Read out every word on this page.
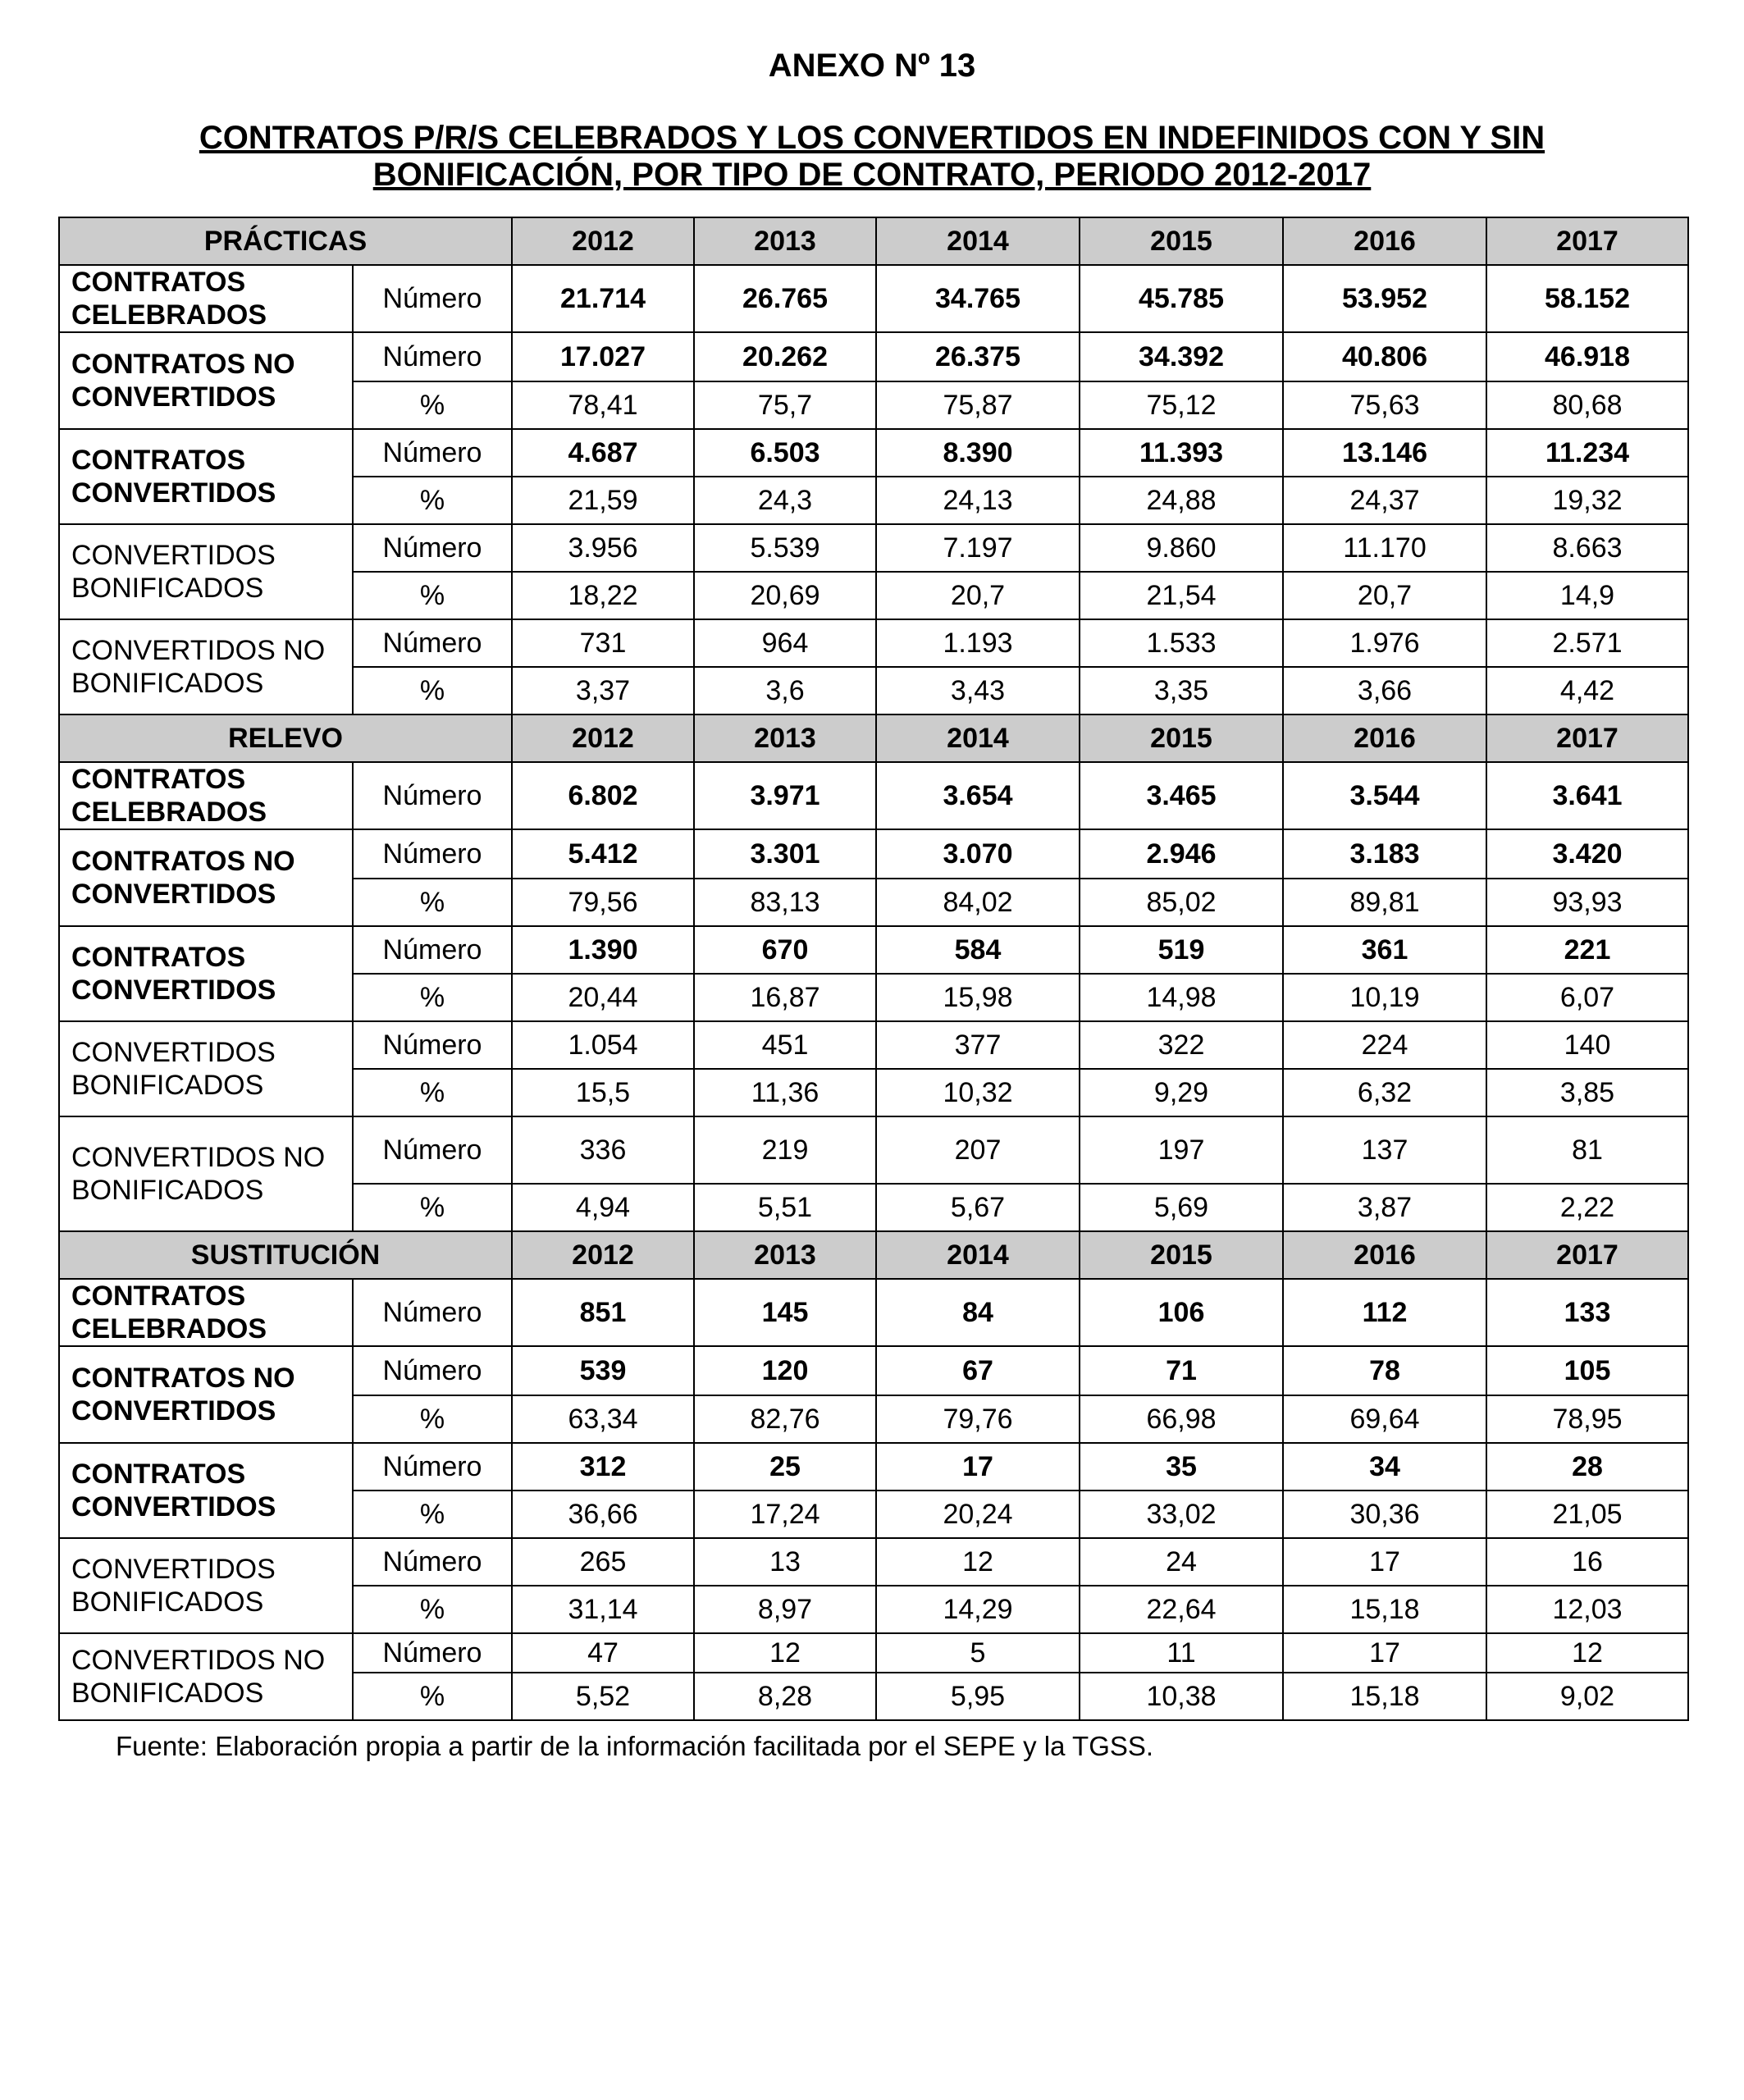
ANEXO Nº 13
CONTRATOS P/R/S CELEBRADOS Y LOS CONVERTIDOS EN INDEFINIDOS CON Y SIN
BONIFICACIÓN, POR TIPO DE CONTRATO, PERIODO 2012-2017
PRÁCTICAS		2012	2013	2014	2015	2016	2017

CONTRATOS
CELEBRADOS	Número	21.714	26.765	34.765	45.785	53.952	58.152

CONTRATOS NO
CONVERTIDOS	Número	17.027	20.262	26.375	34.392	40.806	46.918
	%	78,41	75,7	75,87	75,12	75,63	80,68

CONTRATOS
CONVERTIDOS	Número	4.687	6.503	8.390	11.393	13.146	11.234
	%	21,59	24,3	24,13	24,88	24,37	19,32

CONVERTIDOS
BONIFICADOS	Número	3.956	5.539	7.197	9.860	11.170	8.663
	%	18,22	20,69	20,7	21,54	20,7	14,9

CONVERTIDOS NO
BONIFICADOS	Número	731	964	1.193	1.533	1.976	2.571
	%	3,37	3,6	3,43	3,35	3,66	4,42
RELEVO		2012	2013	2014	2015	2016	2017

CONTRATOS
CELEBRADOS	Número	6.802	3.971	3.654	3.465	3.544	3.641

CONTRATOS NO
CONVERTIDOS	Número	5.412	3.301	3.070	2.946	3.183	3.420
	%	79,56	83,13	84,02	85,02	89,81	93,93

CONTRATOS
CONVERTIDOS	Número	1.390	670	584	519	361	221
	%	20,44	16,87	15,98	14,98	10,19	6,07

CONVERTIDOS
BONIFICADOS	Número	1.054	451	377	322	224	140
	%	15,5	11,36	10,32	9,29	6,32	3,85

CONVERTIDOS NO
BONIFICADOS	Número	336	219	207	197	137	81
	%	4,94	5,51	5,67	5,69	3,87	2,22
SUSTITUCIÓN		2012	2013	2014	2015	2016	2017

CONTRATOS
CELEBRADOS	Número	851	145	84	106	112	133

CONTRATOS NO
CONVERTIDOS	Número	539	120	67	71	78	105
	%	63,34	82,76	79,76	66,98	69,64	78,95

CONTRATOS
CONVERTIDOS	Número	312	25	17	35	34	28
	%	36,66	17,24	20,24	33,02	30,36	21,05

CONVERTIDOS
BONIFICADOS	Número	265	13	12	24	17	16
	%	31,14	8,97	14,29	22,64	15,18	12,03

CONVERTIDOS NO
BONIFICADOS	Número	47	12	5	11	17	12
	%	5,52	8,28	5,95	10,38	15,18	9,02
Fuente: Elaboración propia a partir de la información facilitada por el SEPE y la TGSS.
